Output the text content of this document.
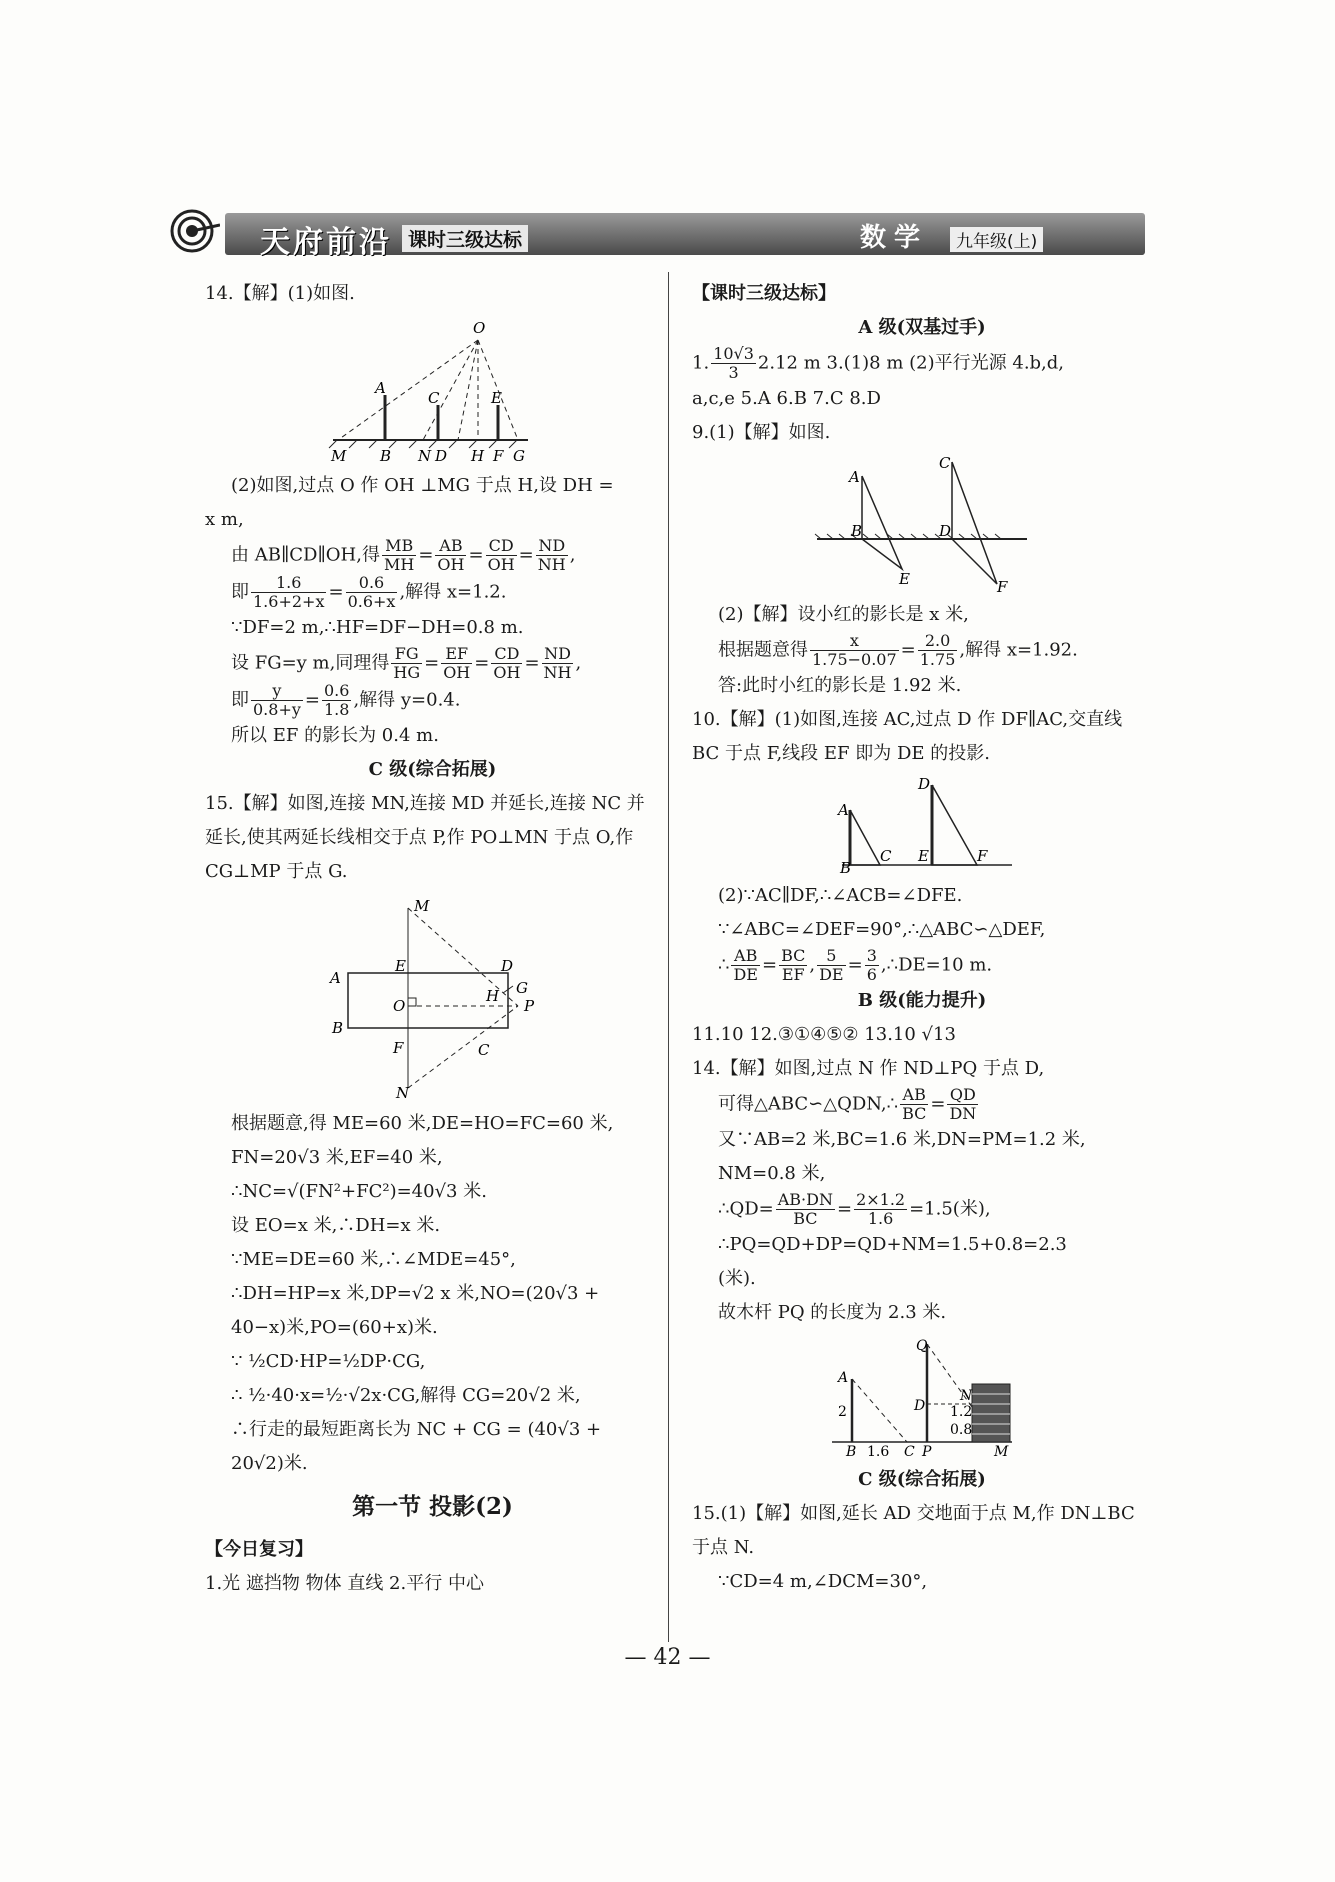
天府前沿 课时三级达标	数学	九年级(上)

14.【解】(1)如图.

O
A
C	E
M B N D H F G

(2)如图,过点 O 作 OH ⊥MG 于点 H,设 DH =

x m,

由 AB∥CD∥OH,得 $\frac{MB}{MH} = \frac{AB}{OH} = \frac{CD}{OH} = \frac{ND}{NH}$ ,

即 $\frac{1.6}{1.6+2+x} = \frac{0.6}{0.6+x}$ ,解得 x=1.2.

∵DF=2 m,∴HF=DF−DH=0.8 m.

设 FG=y m,同理得 $\frac{FG}{HG} = \frac{EF}{OH} = \frac{CD}{OH} = \frac{ND}{NH}$ ,

即 $\frac{y}{0.8+y} = \frac{0.6}{1.8}$ ,解得 y=0.4.

所以 EF 的影长为 0.4 m.

C 级(综合拓展)

15.【解】如图,连接 MN,连接 MD 并延长,连接 NC 并延长,使其两延长线相交于点 P,作 PO⊥MN 于点 O,作 CG⊥MP 于点 G.

M
E	D
A
G
O
H
P
B
F	C
N

根据题意,得 ME=60 米,DE=HO=FC=60 米,

FN=20√3 米,EF=40 米,

∴NC=√(FN²+FC²)=40√3 米.

设 EO=x 米,∴DH=x 米.

∵ME=DE=60 米,∴∠MDE=45°,

∴DH=HP=x 米,DP=√2 x 米,NO=(20√3 +

40−x)米,PO=(60+x)米.

∵ ½CD·HP=½DP·CG,

∴ ½·40·x=½·√2x·CG,解得 CG=20√2 米,

∴行走的最短距离长为 NC + CG = (40√3 +

20√2)米.

第一节 投影(2)

【今日复习】

1.光 遮挡物 物体 直线 2.平行 中心

【课时三级达标】

A 级(双基过手)

1. $\frac{10√3}{3} 2.12$ m 3.(1)8 m (2)平行光源 4.b,d,

a,c,e 5.A 6.B 7.C 8.D

9.(1)【解】如图.

A
C
B	D
E	F

(2)【解】设小红的影长是 x 米,

根据题意得 $\frac{x}{1.75-0.07} = \frac{2.0}{1.75}$ ,解得 x=1.92.

答:此时小红的影长是 1.92 米.

10.【解】(1)如图,连接 AC,过点 D 作 DF∥AC,交直线 BC 于点 F,线段 EF 即为 DE 的投影.

D
A
B
C E	F

(2)∵AC∥DF,∴∠ACB=∠DFE.

∵∠ABC=∠DEF=90°,∴△ABC∽△DEF,

∴ $\frac{AB}{DE} = \frac{BC}{EF}$ , $\frac{5}{DE} = \frac{3}{6}$ ,∴DE=10 m.

B 级(能力提升)

11.10 12.③①④⑤② 13.10 √13

14.【解】如图,过点 N 作 ND⊥PQ 于点 D,

可得△ABC∽△QDN,∴ $\frac{AB}{BC} = \frac{QD}{DN}$

又∵AB=2 米,BC=1.6 米,DN=PM=1.2 米,

NM=0.8 米,

∴QD= $\frac{AB\cdot DN}{BC} = \frac{2\times 1.2}{1.6} =1.5$(米),

∴PQ=QD+DP=QD+NM=1.5+0.8=2.3

(米).

故木杆 PQ 的长度为 2.3 米.

Q
A
N
D 1.2
0.8
2
B 1.6 C P	M

C 级(综合拓展)

15.(1)【解】如图,延长 AD 交地面于点 M,作 DN⊥BC 于点 N.

∵CD=4 m,∠DCM=30°,

— 42 —
